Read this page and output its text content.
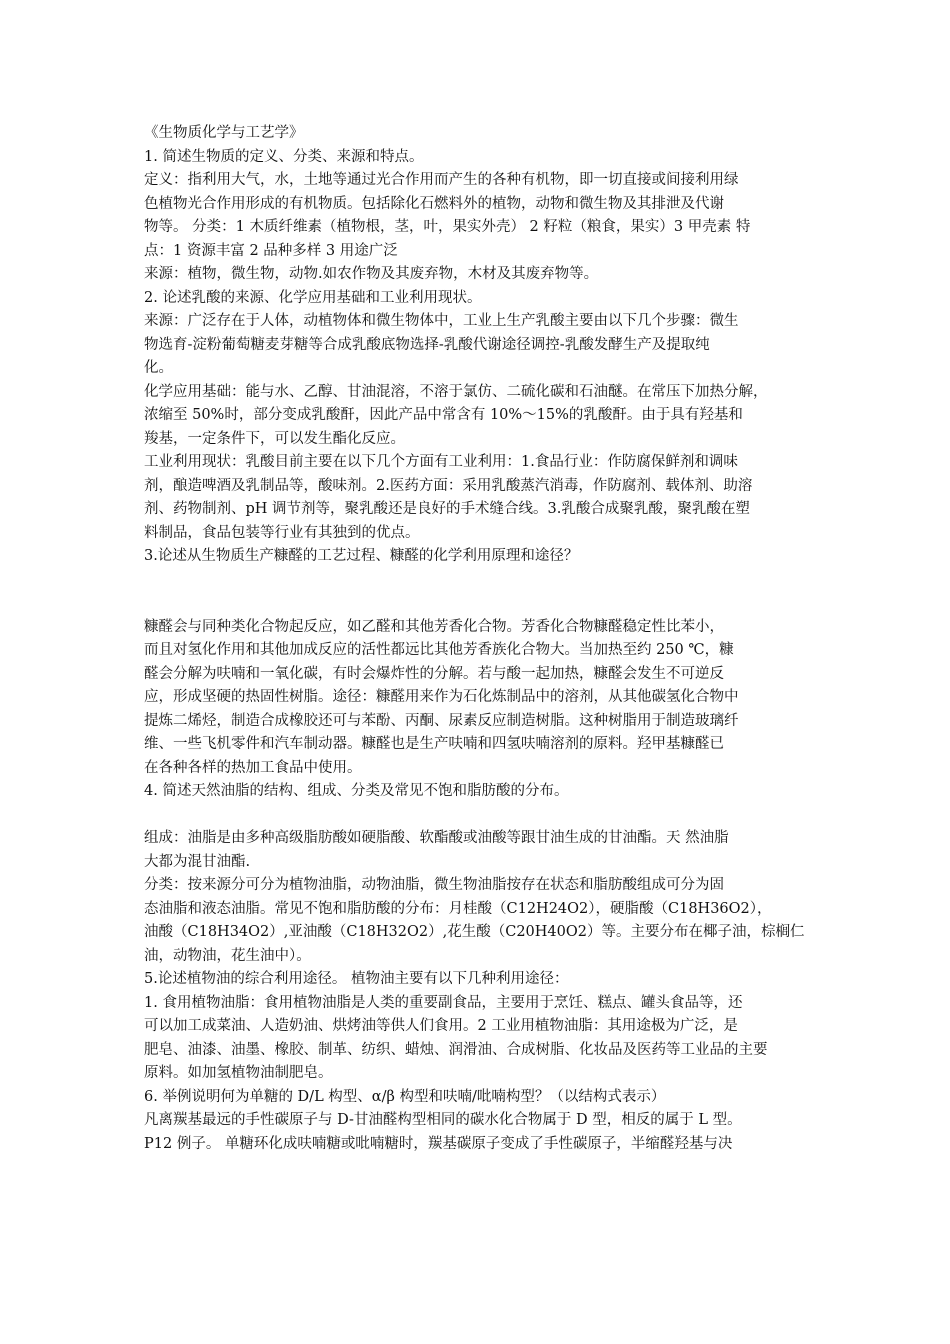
《生物质化学与工艺学》
1. 简述生物质的定义、分类、来源和特点。
定义：指利用大气，水，土地等通过光合作用而产生的各种有机物，即一切直接或间接利用绿
色植物光合作用形成的有机物质。包括除化石燃料外的植物，动物和微生物及其排泄及代谢
物等。 分类：1 木质纤维素（植物根，茎，叶，果实外壳） 2 籽粒（粮食，果实）3 甲壳素 特
点：1 资源丰富 2 品种多样 3 用途广泛
来源：植物，微生物，动物.如农作物及其废弃物，木材及其废弃物等。
2. 论述乳酸的来源、化学应用基础和工业利用现状。
来源：广泛存在于人体，动植物体和微生物体中，工业上生产乳酸主要由以下几个步骤：微生
物选育-淀粉葡萄糖麦芽糖等合成乳酸底物选择-乳酸代谢途径调控-乳酸发酵生产及提取纯
化。
化学应用基础：能与水、乙醇、甘油混溶，不溶于氯仿、二硫化碳和石油醚。在常压下加热分解，
浓缩至 50%时，部分变成乳酸酐，因此产品中常含有 10%～15%的乳酸酐。由于具有羟基和
羧基，一定条件下，可以发生酯化反应。
工业利用现状：乳酸目前主要在以下几个方面有工业利用：1.食品行业：作防腐保鲜剂和调味
剂，酿造啤酒及乳制品等，酸味剂。2.医药方面：采用乳酸蒸汽消毒，作防腐剂、载体剂、助溶
剂、药物制剂、pH 调节剂等，聚乳酸还是良好的手术缝合线。3.乳酸合成聚乳酸，聚乳酸在塑
料制品，食品包装等行业有其独到的优点。
3.论述从生物质生产糠醛的工艺过程、糠醛的化学利用原理和途径？
糠醛会与同种类化合物起反应，如乙醛和其他芳香化合物。芳香化合物糠醛稳定性比苯小，
而且对氢化作用和其他加成反应的活性都远比其他芳香族化合物大。当加热至约 250 ℃，糠
醛会分解为呋喃和一氧化碳，有时会爆炸性的分解。若与酸一起加热，糠醛会发生不可逆反
应，形成坚硬的热固性树脂。途径：糠醛用来作为石化炼制品中的溶剂，从其他碳氢化合物中
提炼二烯烃，制造合成橡胶还可与苯酚、丙酮、尿素反应制造树脂。这种树脂用于制造玻璃纤
维、一些飞机零件和汽车制动器。糠醛也是生产呋喃和四氢呋喃溶剂的原料。羟甲基糠醛已
在各种各样的热加工食品中使用。
4. 简述天然油脂的结构、组成、分类及常见不饱和脂肪酸的分布。
组成：油脂是由多种高级脂肪酸如硬脂酸、软酯酸或油酸等跟甘油生成的甘油酯。天 然油脂
大都为混甘油酯.
分类：按来源分可分为植物油脂，动物油脂，微生物油脂按存在状态和脂肪酸组成可分为固
态油脂和液态油脂。常见不饱和脂肪酸的分布：月桂酸（C12H24O2），硬脂酸（C18H36O2），
油酸（C18H34O2）,亚油酸（C18H32O2）,花生酸（C20H40O2）等。主要分布在椰子油，棕榈仁
油，动物油，花生油中）。
5.论述植物油的综合利用途径。 植物油主要有以下几种利用途径：
1. 食用植物油脂：食用植物油脂是人类的重要副食品，主要用于烹饪、糕点、罐头食品等，还
可以加工成菜油、人造奶油、烘烤油等供人们食用。2 工业用植物油脂：其用途极为广泛，是
肥皂、油漆、油墨、橡胶、制革、纺织、蜡烛、润滑油、合成树脂、化妆品及医药等工业品的主要
原料。如加氢植物油制肥皂。
6. 举例说明何为单糖的 D/L 构型、α/β 构型和呋喃/吡喃构型？（以结构式表示）
凡离羰基最远的手性碳原子与 D-甘油醛构型相同的碳水化合物属于 D 型，相反的属于 L 型。
P12 例子。 单糖环化成呋喃糖或吡喃糖时，羰基碳原子变成了手性碳原子，半缩醛羟基与决
